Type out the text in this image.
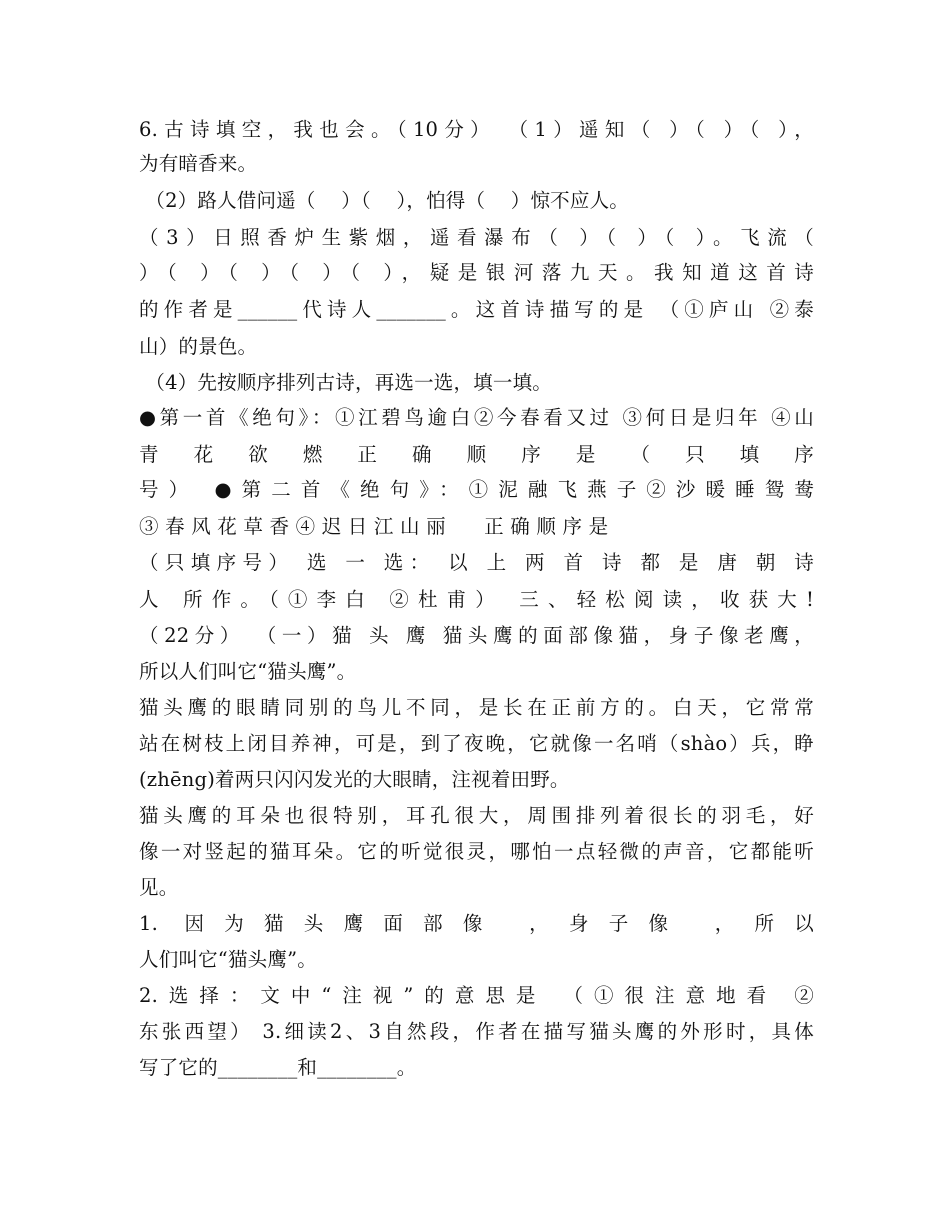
6.古诗填空，我也会。（10分） （1）遥知（ ）（ ）（ ），
为有暗香来。
（2）路人借问遥（    ）（    ），怕得（    ）惊不应人。
（3）日照香炉生紫烟，遥看瀑布（ ）（ ）（ ）。飞流（
）（ ）（ ）（ ）（ ），疑是银河落九天。我知道这首诗
的作者是______代诗人_______。这首诗描写的是 （①庐山 ②泰
山）的景色。
（4）先按顺序排列古诗，再选一选，填一填。
●第一首《绝句》：①江碧鸟逾白②今春看又过 ③何日是归年 ④山
青 花 欲 燃 正 确 顺 序 是 （ 只 填 序
号） ●第二首《绝句》：①泥融飞燕子②沙暖睡鸳鸯
③ 春 风 花 草 香 ④ 迟 日 江 山 丽      正 确 顺 序 是
（只填序号） 选 一 选： 以 上 两 首 诗 都 是 唐 朝 诗
人 所作。（①李白 ②杜甫） 三、轻松阅读，收获大!
（22分） （一）猫 头 鹰 猫头鹰的面部像猫，身子像老鹰，
所以人们叫它“猫头鹰”。
猫头鹰的眼睛同别的鸟儿不同，是长在正前方的。白天，它常常
站在树枝上闭目养神，可是，到了夜晚，它就像一名哨（shào）兵，睁
(zhēng)着两只闪闪发光的大眼睛，注视着田野。
猫头鹰的耳朵也很特别，耳孔很大，周围排列着很长的羽毛，好
像一对竖起的猫耳朵。它的听觉很灵，哪怕一点轻微的声音，它都能听
见。
1. 因为猫头鹰面部像 ，身子像 ，所以
人们叫它“猫头鹰”。
2.选择：文中“注视”的意思是 （①很注意地看 ②
东张西望） 3.细读2、3自然段，作者在描写猫头鹰的外形时，具体
写了它的________和________。
